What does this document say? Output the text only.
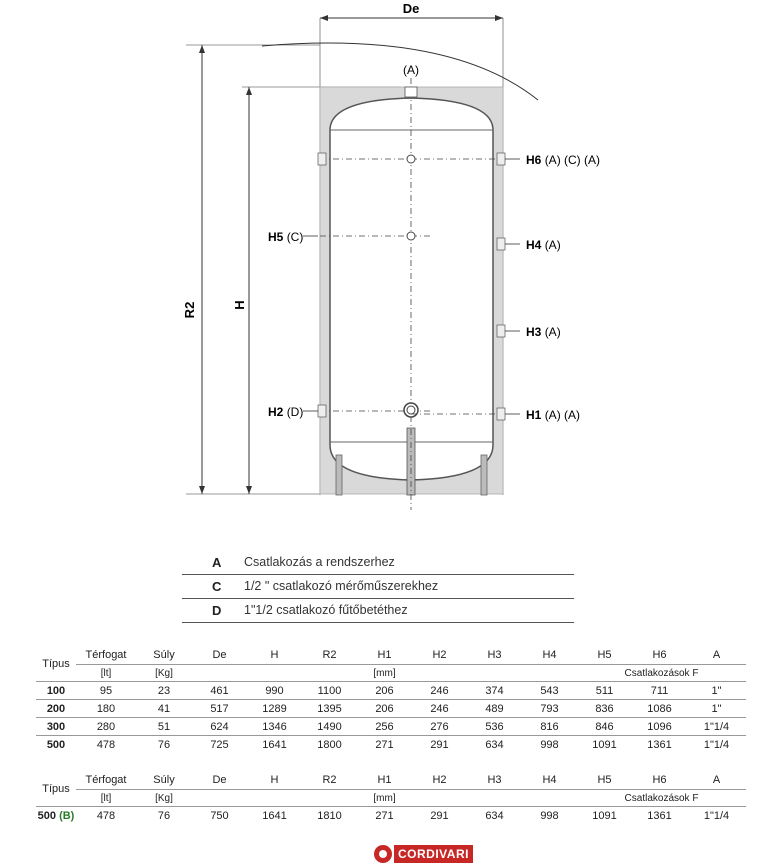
De
R2	H
(A)
H6 (A) (C) (A)
H5 (C)
H4 (A)
H3 (A)
H2 (D)	H1 (A) (A)
A Csatlakozás a rendszerhez
C 1/2 " csatlakozó mérőműszerekhez
D 1"1/2 csatlakozó fűtőbetéthez
Típus	Térfogat	Súly	De	H	R2	H1	H2	H3	H4	H5	H6	A
	[lt]	[Kg]				[mm]				Csatlakozások F		
100	95	23	461	990	1100	206	246	374	543	511	711	1"
200	180	41	517	1289	1395	206	246	489	793	836	1086	1"
300	280	51	624	1346	1490	256	276	536	816	846	1096	1"1/4
500	478	76	725	1641	1800	271	291	634	998	1091	1361	1"1/4
Típus	Térfogat	Súly	De	H	R2	H1	H2	H3	H4	H5	H6	A
	[lt]	[Kg]				[mm]				Csatlakozások F		
500 (B)	478	76	750	1641	1810	271	291	634	998	1091	1361	1"1/4
CORDIVARI
